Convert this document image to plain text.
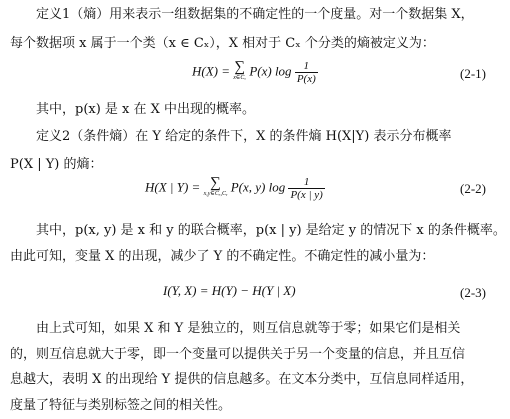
定义1（熵）用来表示一组数据集的不确定性的一个度量。对一个数据集 X，
每个数据项 x 属于一个类（x ∈ Cₓ），X 相对于 Cₓ 个分类的熵被定义为：
H(X) = ∑
x∈Cₓ P(x) $\log \frac{1}{P(x)}$	(2-1)
其中，p(x) 是 x 在 X 中出现的概率。
定义2（条件熵）在 Y 给定的条件下，X 的条件熵 H(X|Y) 表示分布概率
P(X | Y) 的熵：
H(X | Y) = ∑
x,y∈Cₓ,Cᵧ P(x, y) $\log \frac{1}{P(x | y)}$	(2-2)
其中，p(x, y) 是 x 和 y 的联合概率，p(x | y) 是给定 y 的情况下 x 的条件概率。
由此可知，变量 X 的出现，减少了 Y 的不确定性。不确定性的减小量为：
I(Y, X) = H(Y) − H(Y | X)	(2-3)
由上式可知，如果 X 和 Y 是独立的，则互信息就等于零；如果它们是相关
的，则互信息就大于零，即一个变量可以提供关于另一个变量的信息，并且互信
息越大，表明 X 的出现给 Y 提供的信息越多。在文本分类中，互信息同样适用，
度量了特征与类别标签之间的相关性。
